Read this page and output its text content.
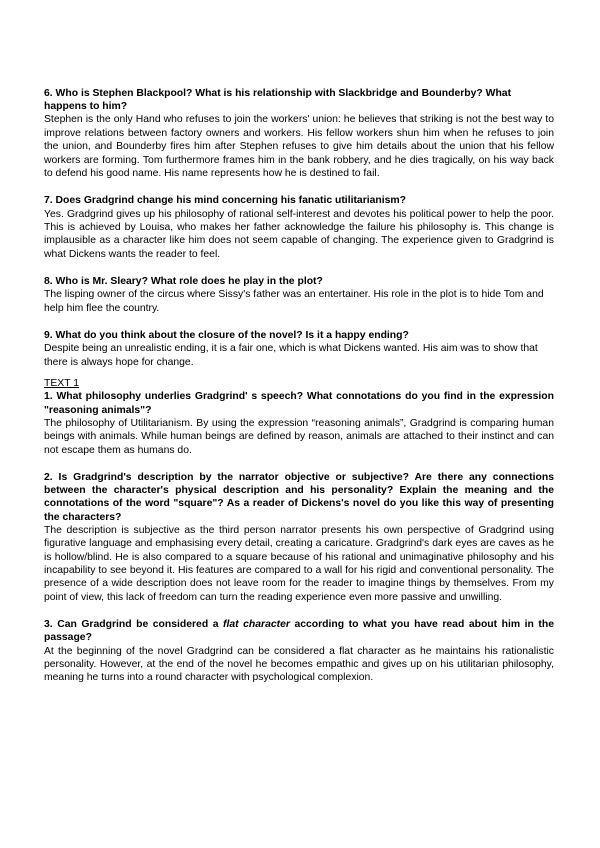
6. Who is Stephen Blackpool? What is his relationship with Slackbridge and Bounderby? What happens to him?

Stephen is the only Hand who refuses to join the workers' union: he believes that striking is not the best way to improve relations between factory owners and workers. His fellow workers shun him when he refuses to join the union, and Bounderby fires him after Stephen refuses to give him details about the union that his fellow workers are forming. Tom furthermore frames him in the bank robbery, and he dies tragically, on his way back to defend his good name. His name represents how he is destined to fail.

7. Does Gradgrind change his mind concerning his fanatic utilitarianism?

Yes. Gradgrind gives up his philosophy of rational self-interest and devotes his political power to help the poor. This is achieved by Louisa, who makes her father acknowledge the failure his philosophy is. This change is implausible as a character like him does not seem capable of changing. The experience given to Gradgrind is what Dickens wants the reader to feel.

8. Who is Mr. Sleary? What role does he play in the plot?

The lisping owner of the circus where Sissy's father was an entertainer. His role in the plot is to hide Tom and help him flee the country.

9. What do you think about the closure of the novel? Is it a happy ending?

Despite being an unrealistic ending, it is a fair one, which is what Dickens wanted. His aim was to show that there is always hope for change.

TEXT 1

1. What philosophy underlies Gradgrind' s speech? What connotations do you find in the expression "reasoning animals"?

The philosophy of Utilitarianism. By using the expression “reasoning animals”, Gradgrind is comparing human beings with animals. While human beings are defined by reason, animals are attached to their instinct and can not escape them as humans do.

2. Is Gradgrind's description by the narrator objective or subjective? Are there any connections between the character's physical description and his personality? Explain the meaning and the connotations of the word "square"? As a reader of Dickens's novel do you like this way of presenting the characters?

The description is subjective as the third person narrator presents his own perspective of Gradgrind using figurative language and emphasising every detail, creating a caricature. Gradgrind's dark eyes are caves as he is hollow/blind. He is also compared to a square because of his rational and unimaginative philosophy and his incapability to see beyond it. His features are compared to a wall for his rigid and conventional personality. The presence of a wide description does not leave room for the reader to imagine things by themselves. From my point of view, this lack of freedom can turn the reading experience even more passive and unwilling.

3. Can Gradgrind be considered a flat character according to what you have read about him in the passage?

At the beginning of the novel Gradgrind can be considered a flat character as he maintains his rationalistic personality. However, at the end of the novel he becomes empathic and gives up on his utilitarian philosophy, meaning he turns into a round character with psychological complexion.
